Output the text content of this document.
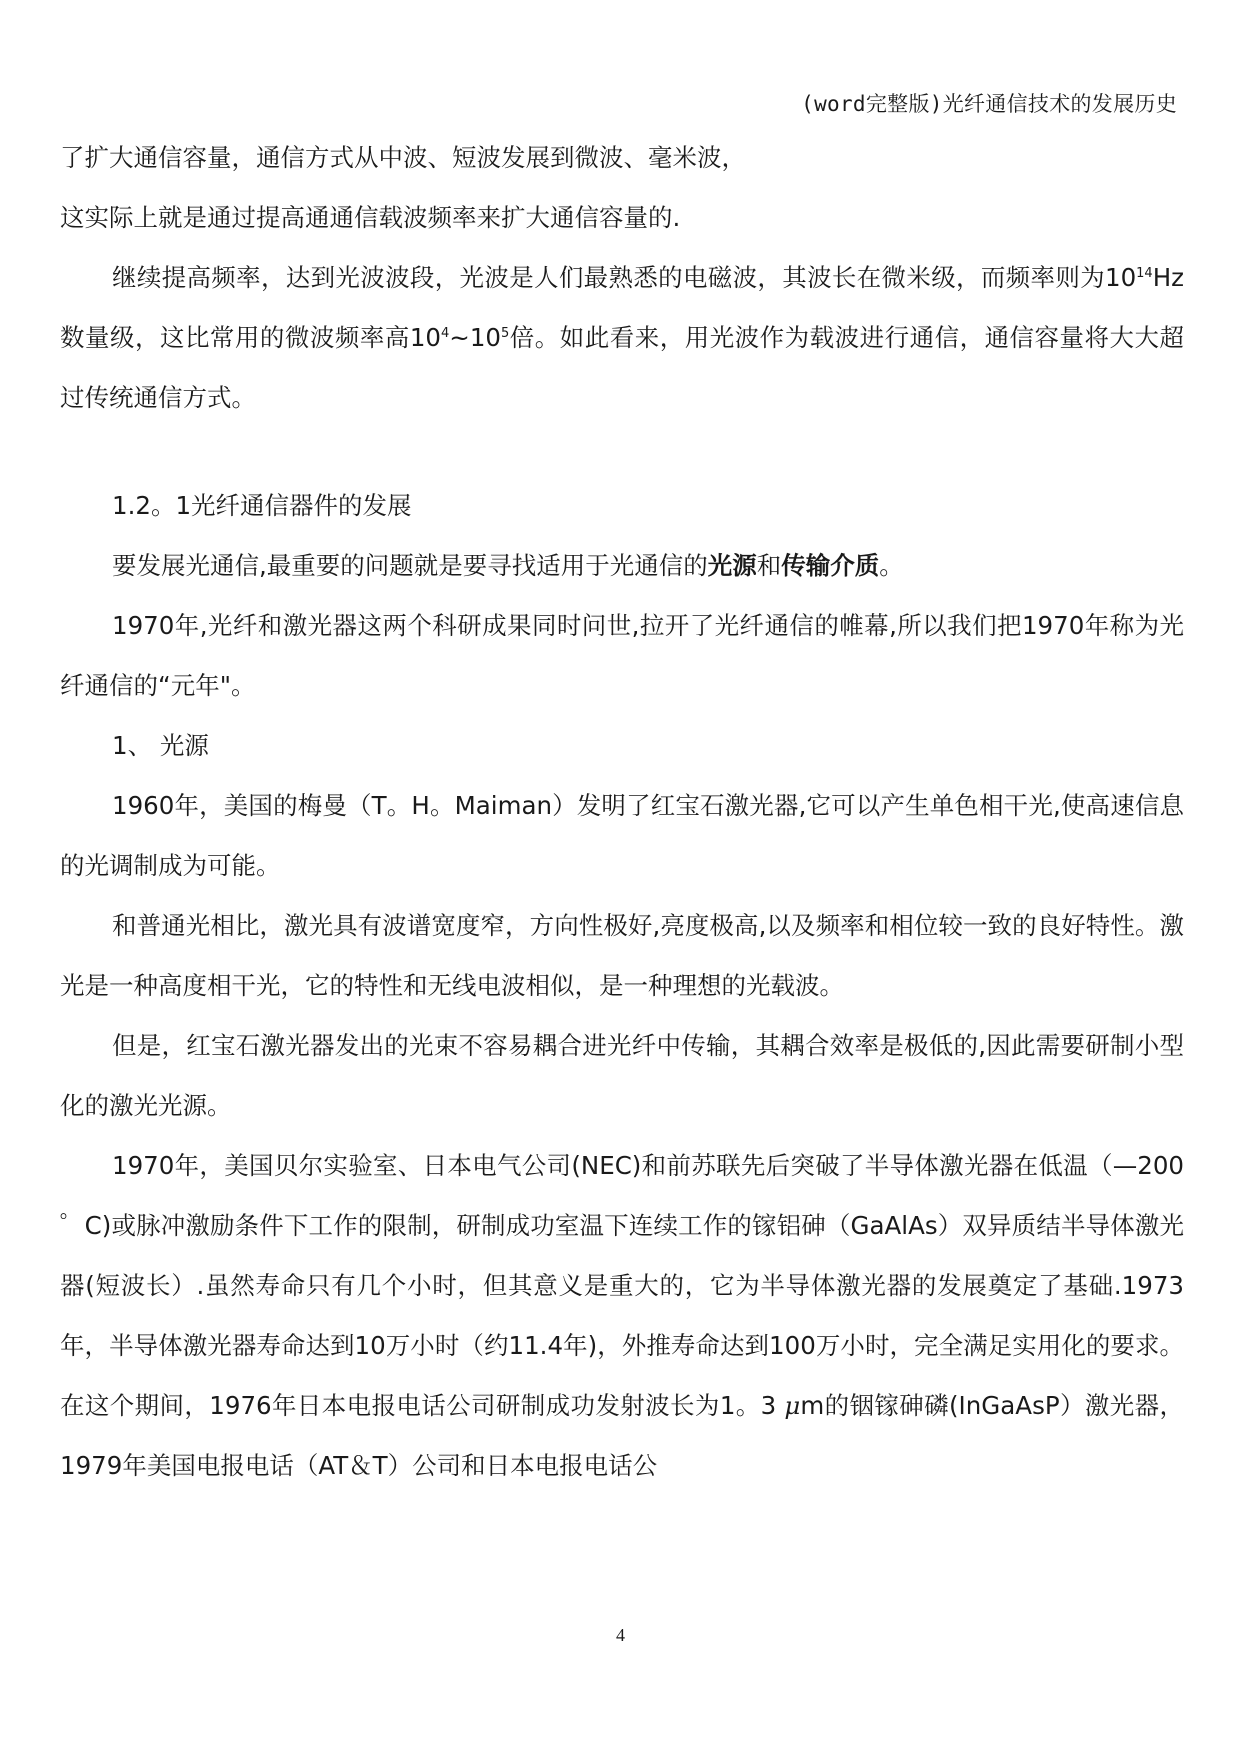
(word完整版)光纤通信技术的发展历史

了扩大通信容量，通信方式从中波、短波发展到微波、毫米波，

这实际上就是通过提高通通信载波频率来扩大通信容量的.

继续提高频率，达到光波波段，光波是人们最熟悉的电磁波，其波长在微米级，而频率则为$10^{14}Hz$数量级，这比常用的微波频率高$10^4\sim 10^5$倍。如此看来，用光波作为载波进行通信，通信容量将大大超过传统通信方式。

1.2。1光纤通信器件的发展

要发展光通信,最重要的问题就是要寻找适用于光通信的光源和传输介质。

1970年,光纤和激光器这两个科研成果同时问世,拉开了光纤通信的帷幕,所以我们把1970年称为光纤通信的“元年"。

1、 光源

1960年，美国的梅曼（T。H。Maiman）发明了红宝石激光器,它可以产生单色相干光,使高速信息的光调制成为可能。

和普通光相比，激光具有波谱宽度窄，方向性极好,亮度极高,以及频率和相位较一致的良好特性。激光是一种高度相干光，它的特性和无线电波相似，是一种理想的光载波。

但是，红宝石激光器发出的光束不容易耦合进光纤中传输，其耦合效率是极低的,因此需要研制小型化的激光光源。

1970年，美国贝尔实验室、日本电气公司(NEC)和前苏联先后突破了半导体激光器在低温（—200 ゜C)或脉冲激励条件下工作的限制，研制成功室温下连续工作的镓铝砷（GaAlAs）双异质结半导体激光器(短波长）.虽然寿命只有几个小时，但其意义是重大的，它为半导体激光器的发展奠定了基础.1973年，半导体激光器寿命达到10万小时（约11.4年)，外推寿命达到100万小时，完全满足实用化的要求。在这个期间，1976年日本电报电话公司研制成功发射波长为1。3 μm的铟镓砷磷(InGaAsP）激光器，1979年美国电报电话（AT＆T）公司和日本电报电话公

4
